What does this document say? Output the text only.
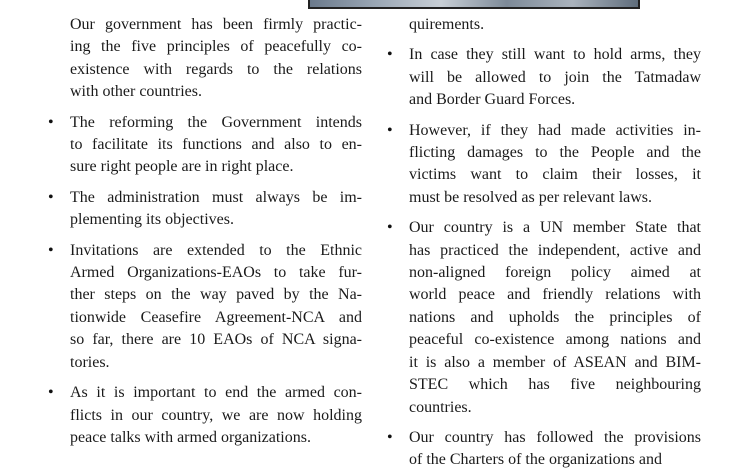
Our government has been firmly practic-
ing the five principles of peacefully co-
existence with regards to the relations
with other countries.
• The reforming the Government intends
to facilitate its functions and also to en-
sure right people are in right place.
• The administration must always be im-
plementing its objectives.
• Invitations are extended to the Ethnic
Armed Organizations-EAOs to take fur-
ther steps on the way paved by the Na-
tionwide Ceasefire Agreement-NCA and
so far, there are 10 EAOs of NCA signa-
tories.
• As it is important to end the armed con-
flicts in our country, we are now holding
peace talks with armed organizations.
quirements.
• In case they still want to hold arms, they
will be allowed to join the Tatmadaw
and Border Guard Forces.
• However, if they had made activities in-
flicting damages to the People and the
victims want to claim their losses, it
must be resolved as per relevant laws.
• Our country is a UN member State that
has practiced the independent, active and
non-aligned foreign policy aimed at
world peace and friendly relations with
nations and upholds the principles of
peaceful co-existence among nations and
it is also a member of ASEAN and BIM-
STEC which has five neighbouring
countries.
• Our country has followed the provisions
of the Charters of the organizations and
